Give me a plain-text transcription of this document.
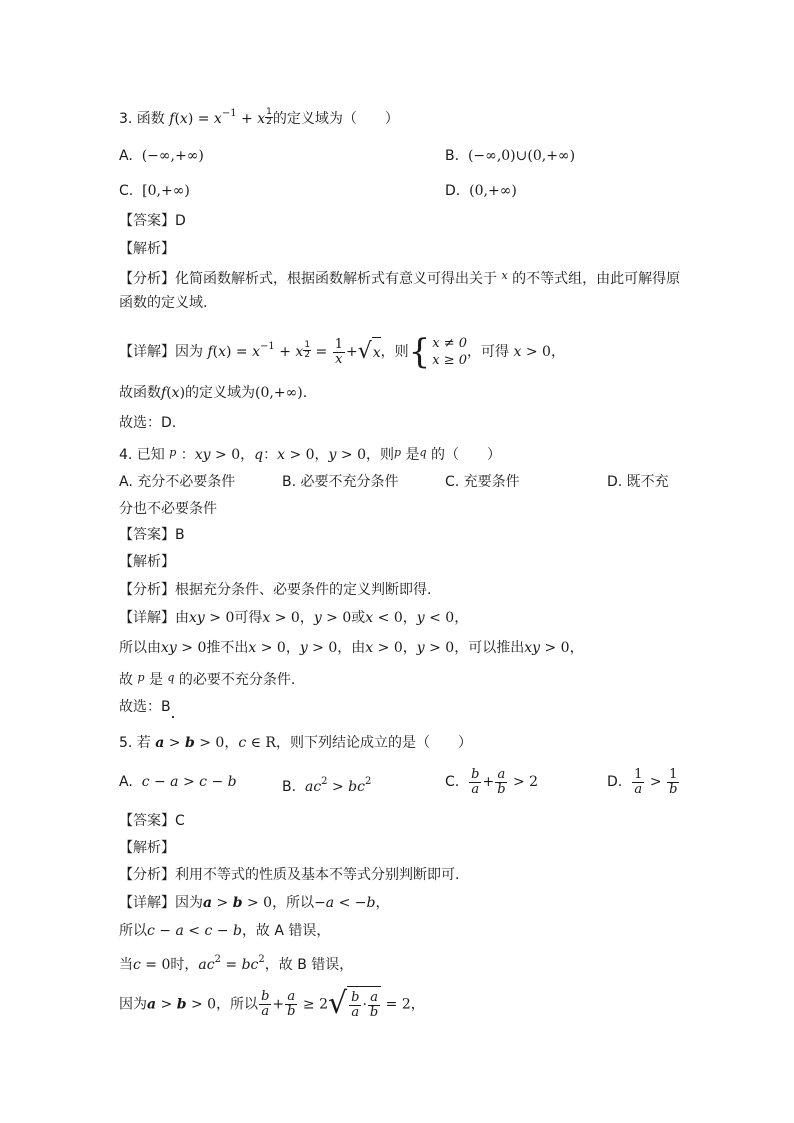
3. 函数 $f(x) = x^{-1} + x \frac{1}{2}$ 的定义域为（　　）
A. (−∞,+∞)	B. (−∞,0)∪(0,+∞)
C. [0,+∞)	D. (0,+∞)
【答案】D
【解析】
【分析】化简函数解析式，根据函数解析式有意义可得出关于 $^x$ 的不等式组，由此可解得原
函数的定义域.
【详解】因为 $f(x) = x^{-1} + x \frac{1}{2} = \frac{1}{x}$ + √ x ，则 { x ≠ 0
x ≥ 0
，可得 x > 0，
故函数f(x)的定义域为(0,+∞).
故选：D.
4. 已知 $^p$ ：xy > 0，q：x > 0，y > 0，则$^p$ 是$^q$ 的（　　）
A. 充分不必要条件	B. 必要不充分条件	C. 充要条件	D. 既不充
分也不必要条件
【答案】B
【解析】
【分析】根据充分条件、必要条件的定义判断即得.
【详解】由xy > 0可得x > 0，y > 0或x < 0，y < 0，
所以由xy > 0推不出x > 0，y > 0，由x > 0，y > 0，可以推出xy > 0，
故 $^p$ 是 $^q$ 的必要不充分条件.
故选：B
5. 若 a > b > 0，c ∈ R，则下列结论成立的是（　　）
A. c − a > c − b	B. $ac^2 > bc^2$	C. $\frac{b}{a} + \frac{a}{b} > 2$	D. $\frac{1}{a} > \frac{1}{b}$
【答案】C
【解析】
【分析】利用不等式的性质及基本不等式分别判断即可.
【详解】因为a > b > 0，所以−a < −b，
所以c − a < c − b，故 A 错误，
当c = 0时，$ac^2 = bc^2$，故 B 错误，
因为a > b > 0，所以 $\frac{b}{a} + \frac{a}{b} \ge 2$ √ $\frac{b}{a} \cdot \frac{a}{b} = 2$，
